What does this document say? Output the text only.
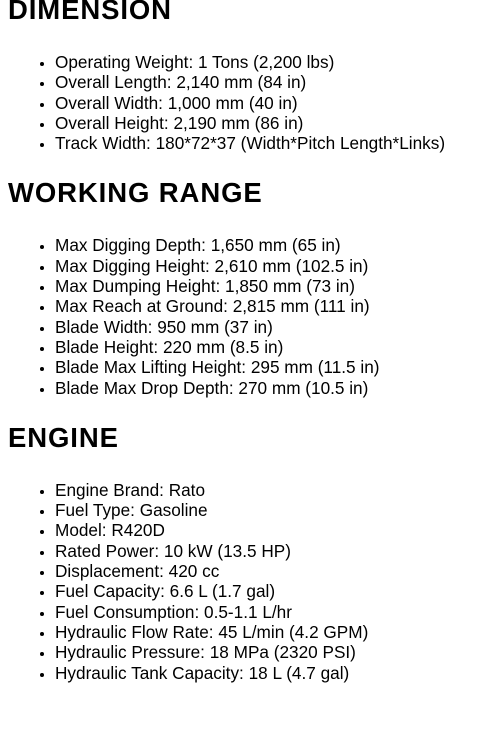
DIMENSION
• Operating Weight: 1 Tons (2,200 lbs)
• Overall Length: 2,140 mm (84 in)
• Overall Width: 1,000 mm (40 in)
• Overall Height: 2,190 mm (86 in)
• Track Width: 180*72*37 (Width*Pitch Length*Links)
WORKING RANGE
• Max Digging Depth: 1,650 mm (65 in)
• Max Digging Height: 2,610 mm (102.5 in)
• Max Dumping Height: 1,850 mm (73 in)
• Max Reach at Ground: 2,815 mm (111 in)
• Blade Width: 950 mm (37 in)
• Blade Height: 220 mm (8.5 in)
• Blade Max Lifting Height: 295 mm (11.5 in)
• Blade Max Drop Depth: 270 mm (10.5 in)
ENGINE
• Engine Brand: Rato
• Fuel Type: Gasoline
• Model: R420D
• Rated Power: 10 kW (13.5 HP)
• Displacement: 420 cc
• Fuel Capacity: 6.6 L (1.7 gal)
• Fuel Consumption: 0.5-1.1 L/hr
• Hydraulic Flow Rate: 45 L/min (4.2 GPM)
• Hydraulic Pressure: 18 MPa (2320 PSI)
• Hydraulic Tank Capacity: 18 L (4.7 gal)
